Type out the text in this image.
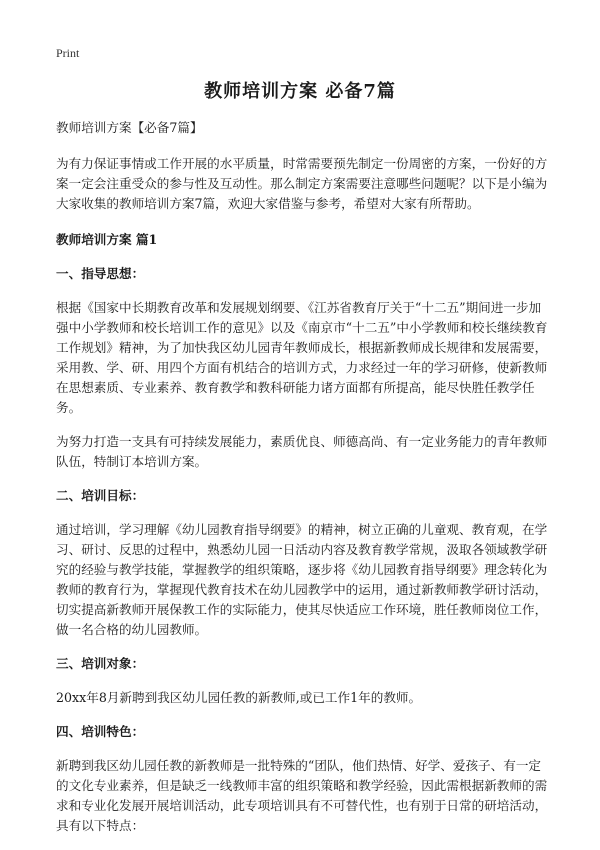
Print
教师培训方案 必备7篇

教师培训方案【必备7篇】

为有力保证事情或工作开展的水平质量，时常需要预先制定一份周密的方案，一份好的方案一定会注重受众的参与性及互动性。那么制定方案需要注意哪些问题呢？以下是小编为大家收集的教师培训方案7篇，欢迎大家借鉴与参考，希望对大家有所帮助。

教师培训方案 篇1
一、指导思想：

根据《国家中长期教育改革和发展规划纲要、《江苏省教育厅关于“十二五”期间进一步加强中小学教师和校长培训工作的意见》以及《南京市“十二五”中小学教师和校长继续教育工作规划》精神，为了加快我区幼儿园青年教师成长，根据新教师成长规律和发展需要，采用教、学、研、用四个方面有机结合的培训方式，力求经过一年的学习研修，使新教师在思想素质、专业素养、教育教学和教科研能力诸方面都有所提高，能尽快胜任教学任务。

为努力打造一支具有可持续发展能力，素质优良、师德高尚、有一定业务能力的青年教师队伍，特制订本培训方案。

二、培训目标：

通过培训，学习理解《幼儿园教育指导纲要》的精神，树立正确的儿童观、教育观，在学习、研讨、反思的过程中，熟悉幼儿园一日活动内容及教育教学常规，汲取各领域教学研究的经验与教学技能，掌握教学的组织策略，逐步将《幼儿园教育指导纲要》理念转化为教师的教育行为，掌握现代教育技术在幼儿园教学中的运用，通过新教师教学研讨活动，切实提高新教师开展保教工作的实际能力，使其尽快适应工作环境，胜任教师岗位工作，做一名合格的幼儿园教师。

三、培训对象：

20xx年8月新聘到我区幼儿园任教的新教师,或已工作1年的教师。

四、培训特色：

新聘到我区幼儿园任教的新教师是一批特殊的“团队，他们热情、好学、爱孩子、有一定的文化专业素养，但是缺乏一线教师丰富的组织策略和教学经验，因此需根据新教师的需求和专业化发展开展培训活动，此专项培训具有不可替代性，也有别于日常的研培活动，具有以下特点：
